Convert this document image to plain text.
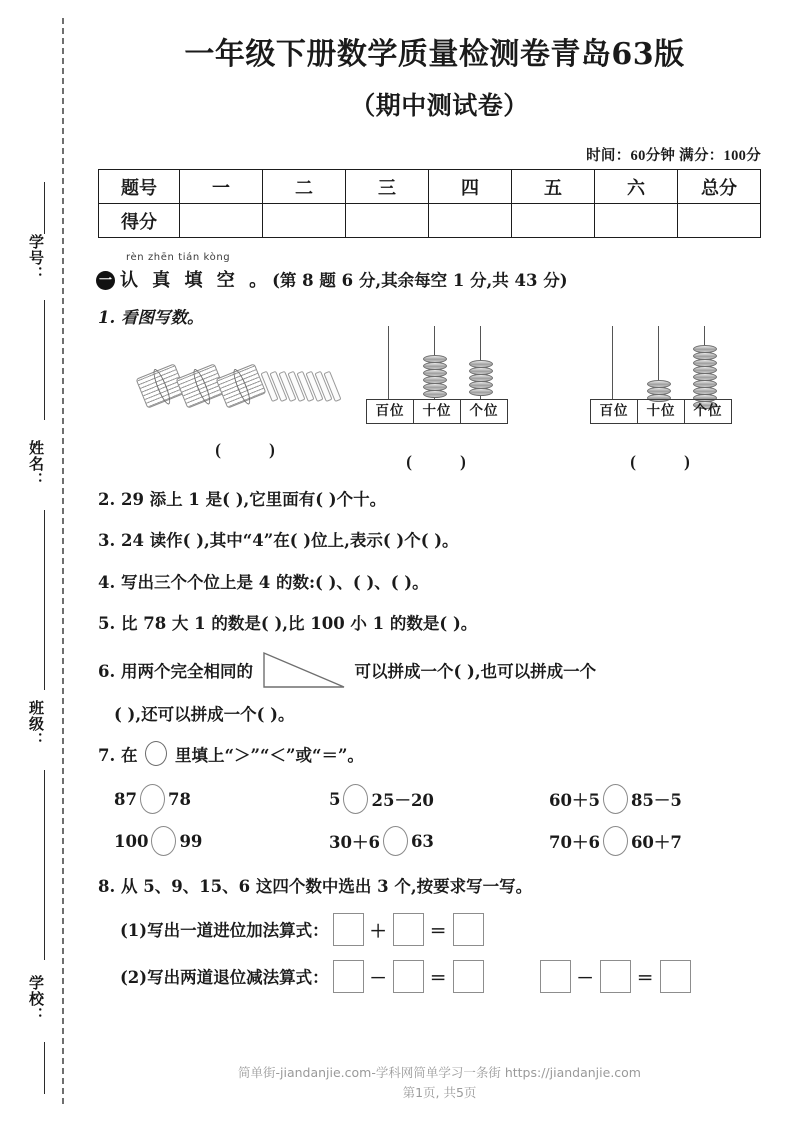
学号：
姓名：
班级：
学校：
一年级下册数学质量检测卷青岛63版
（期中测试卷）
时间：60分钟 满分：100分
题号	一	二	三	四	五	六	总分
得分							
rèn zhēn tián kòng
一 认 真 填 空 。 (第 8 题 6 分,其余每空 1 分,共 43 分)
1. 看图写数。
( )
百位	十位	个位
( )
百位	十位	个位
( )
2. 29 添上 1 是( ),它里面有( )个十。
3. 24 读作( ),其中“4”在( )位上,表示( )个( )。
4. 写出三个个位上是 4 的数:( )、( )、( )。
5. 比 78 大 1 的数是( ),比 100 小 1 的数是( )。
6. 用两个完全相同的	可以拼成一个( ),也可以拼成一个
( ),还可以拼成一个( )。
7. 在 里填上“＞”“＜”或“＝”。
87 78	5 25－20	60＋5 85－5
100 99	30＋6 63	70＋6 60＋7
8. 从 5、9、15、6 这四个数中选出 3 个,按要求写一写。
(1)写出一道进位加法算式： ＋	＝
(2)写出两道退位减法算式： －	＝	－	＝
简单街-jiandanjie.com-学科网简单学习一条街 https://jiandanjie.com
第1页, 共5页
